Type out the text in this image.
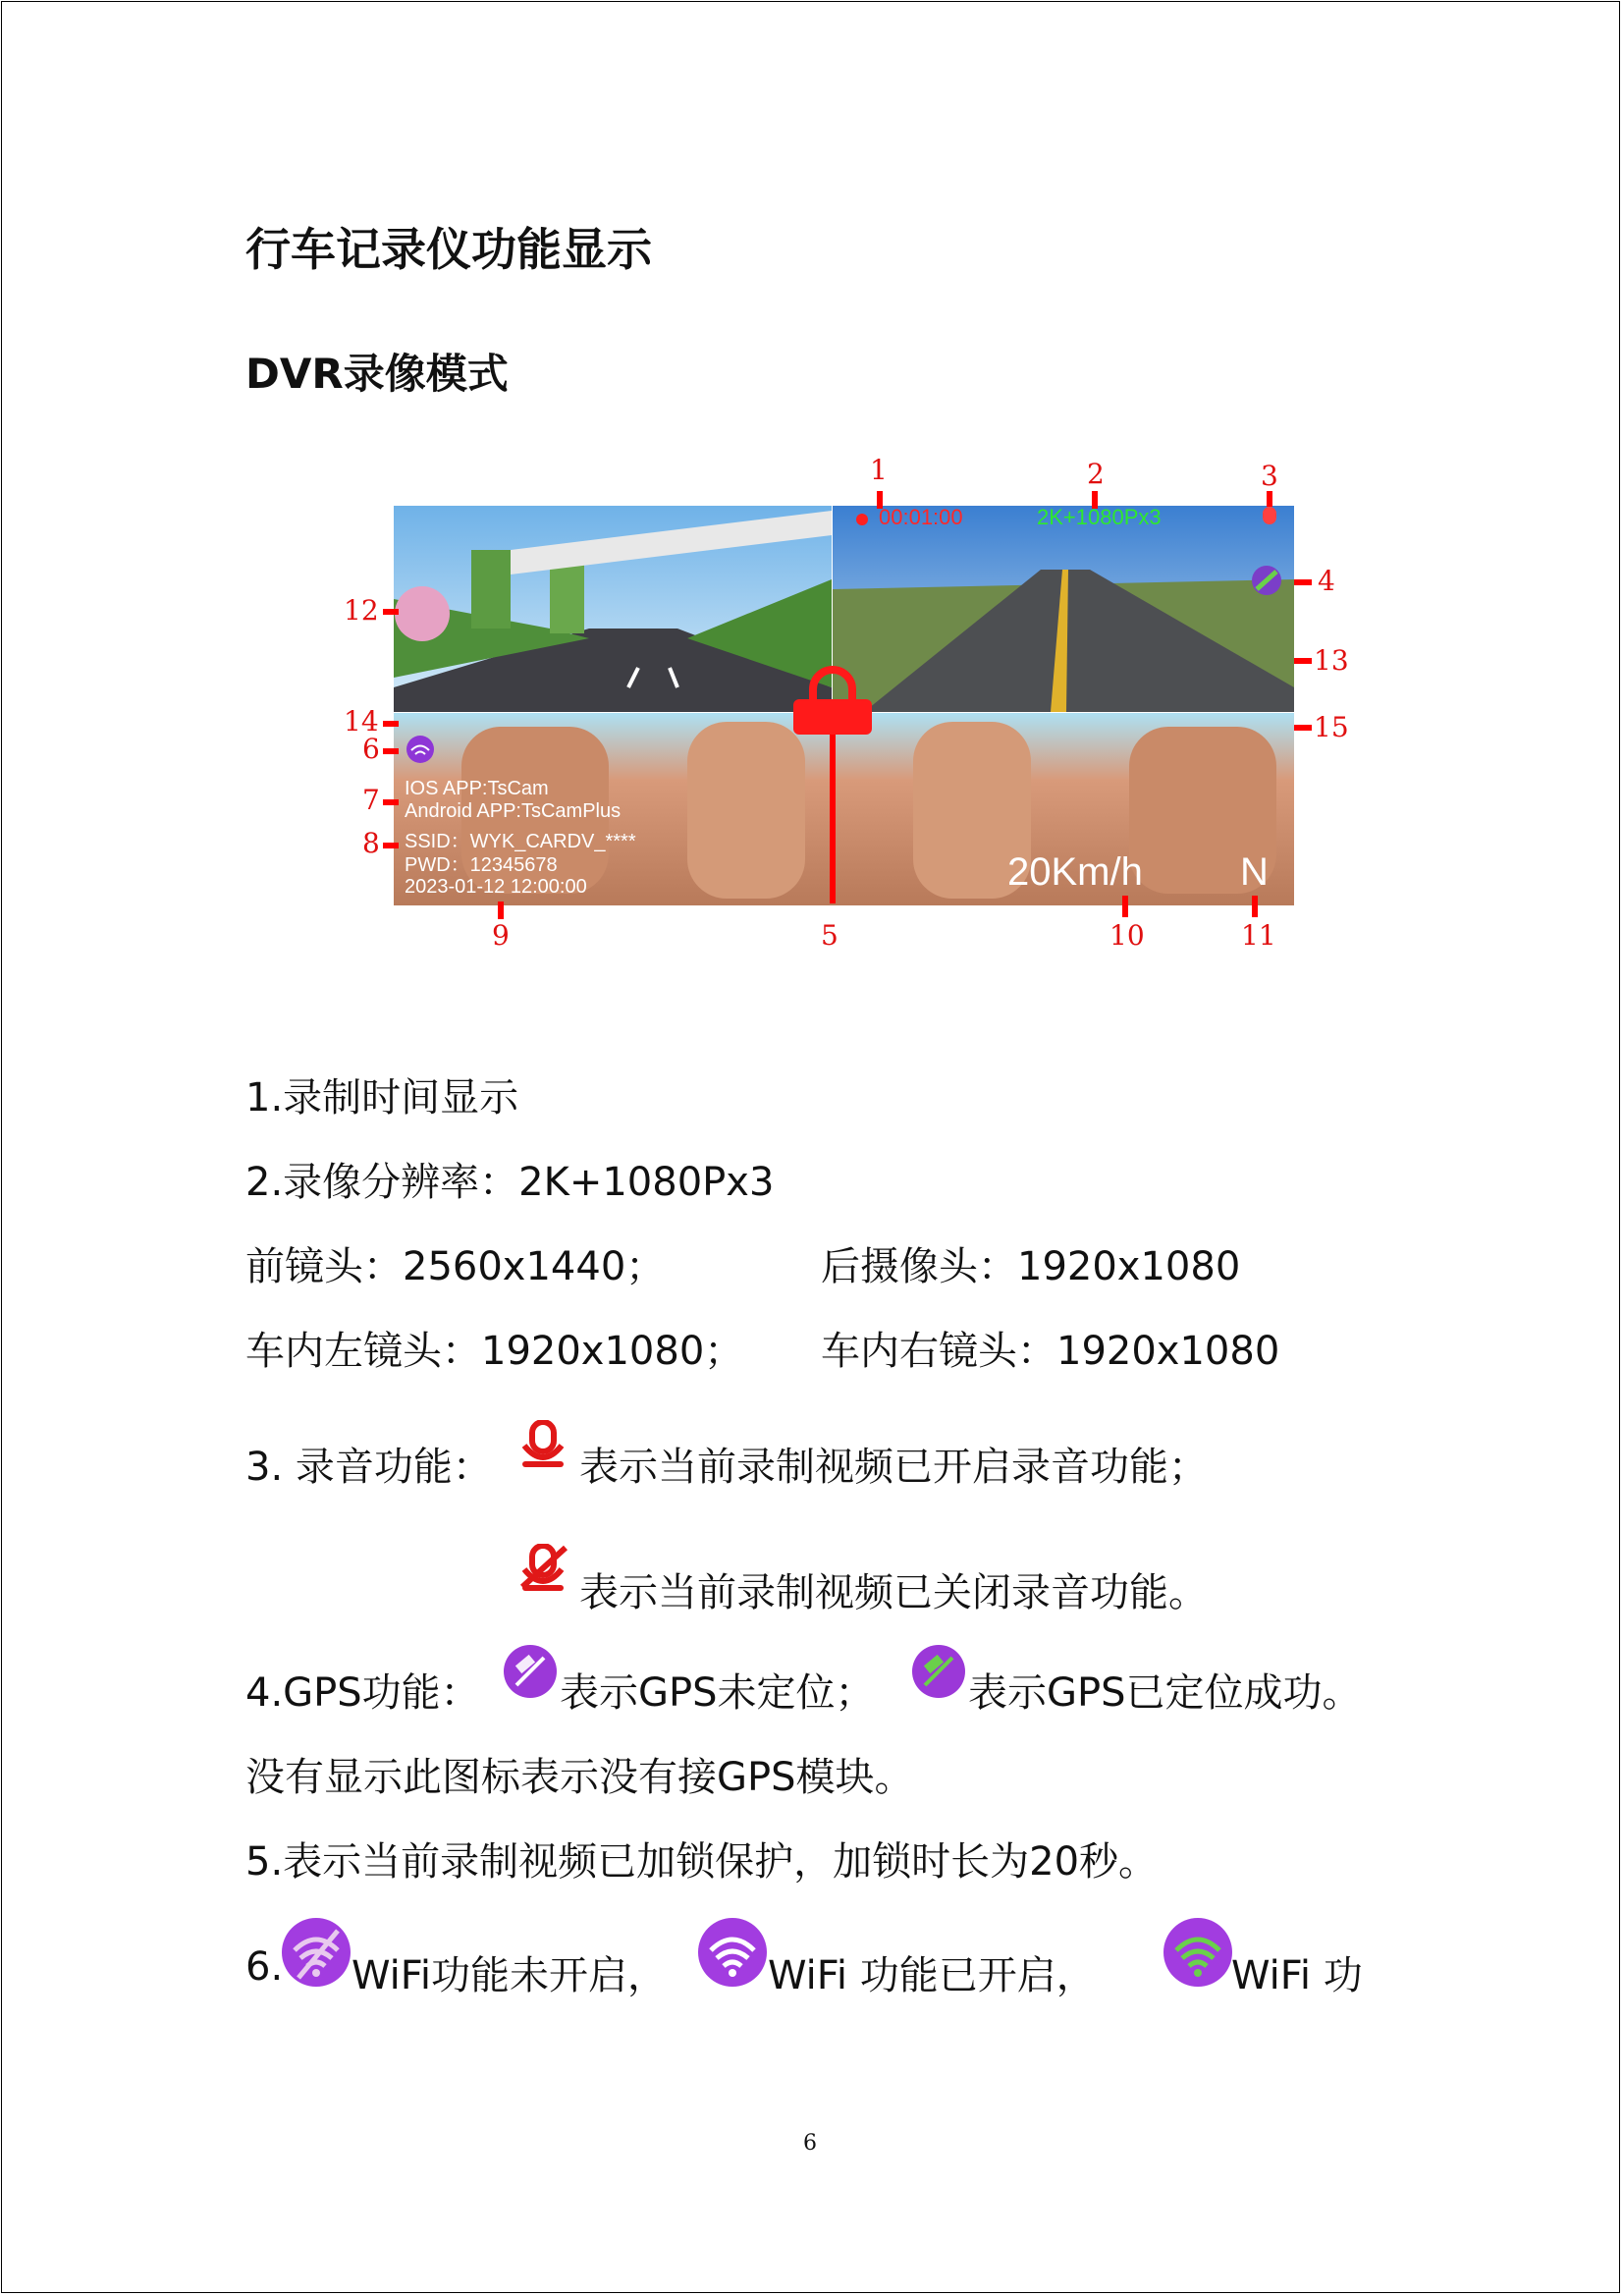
行车记录仪功能显示
DVR录像模式
00:01:00	2K+1080Px3
IOS APP:TsCam
Android APP:TsCamPlus
SSID：WYK_CARDV_****
PWD：12345678
2023-01-12 12:00:00	20Km/h N
1	2	3
4
5
6
7
8
9	10	11
12
13
14	15
1.录制时间显示
2.录像分辨率：2K+1080Px3
前镜头：2560x1440；	后摄像头：1920x1080
车内左镜头：1920x1080； 车内右镜头：1920x1080
3. 录音功能： 表示当前录制视频已开启录音功能；
表示当前录制视频已关闭录音功能。
4.GPS功能： 表示GPS未定位； 表示GPS已定位成功。
没有显示此图标表示没有接GPS模块。
5.表示当前录制视频已加锁保护，加锁时长为20秒。
6. WiFi功能未开启，	WiFi 功能已开启，	WiFi 功
6
